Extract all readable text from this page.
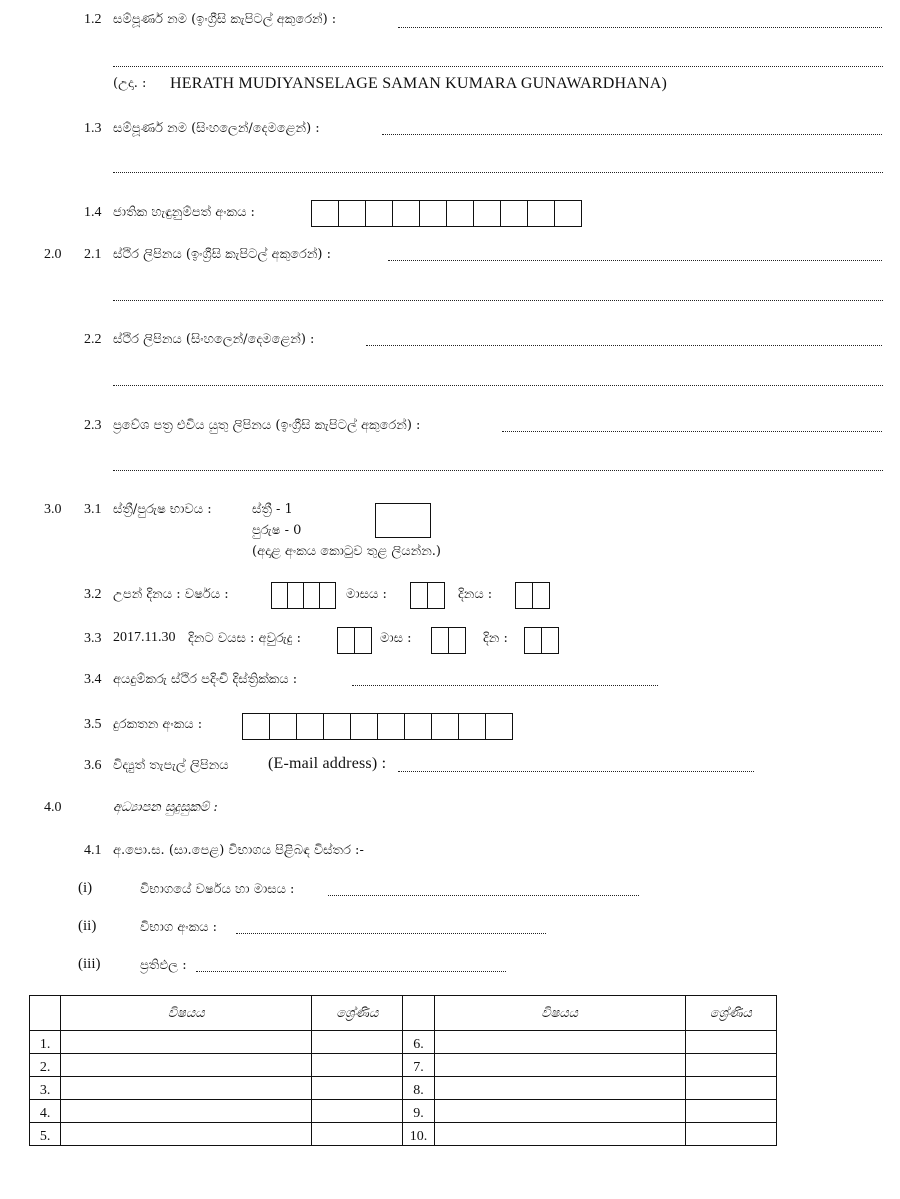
1.2 සම්පූර්ණ නම (ඉංග්‍රීසි කැපිටල් අකුරෙන්) :
(උදා. : HERATH MUDIYANSELAGE SAMAN KUMARA GUNAWARDHANA)
1.3 සම්පූර්ණ නම (සිංහලෙන්/දෙමළෙන්) :
1.4 ජාතික හැඳුනුම්පත් අංකය :
2.0 2.1 ස්ථිර ලිපිනය (ඉංග්‍රීසි කැපිටල් අකුරෙන්) :
2.2 ස්ථිර ලිපිනය (සිංහලෙන්/දෙමළෙන්) :
2.3 ප්‍රවේශ පත්‍ර එවිය යුතු ලිපිනය (ඉංග්‍රීසි කැපිටල් අකුරෙන්) :
3.0 3.1 ස්ත්‍රී/පුරුෂ භාවය :	ස්ත්‍රී - 1
පුරුෂ - 0
(අදාළ අංකය කොටුව තුළ ලියන්න.)
3.2 උපන් දිනය : වර්ෂය :	මාසය :	දිනය :
3.3 2017.11.30 දිනට වයස : අවුරුදු :	මාස :	දින :
3.4 අයදුම්කරු ස්ථිර පදිංචි දිස්ත්‍රික්කය :
3.5 දුරකතන අංකය :
3.6 විද්‍යුත් තැපැල් ලිපිනය (E-mail address) :
4.0	අධ්‍යාපන සුදුසුකම් :
4.1 අ.පො.ස. (සා.පෙළ) විභාගය පිළිබඳ විස්තර :-
(i)	විභාගයේ වර්ෂය හා මාසය :
(ii)	විභාග අංකය :
(iii)	ප්‍රතිඵල :
	විෂයය	ශ්‍රේණිය		විෂයය	ශ්‍රේණිය
1.			6.		
2.			7.		
3.			8.		
4.			9.		
5.			10.		
